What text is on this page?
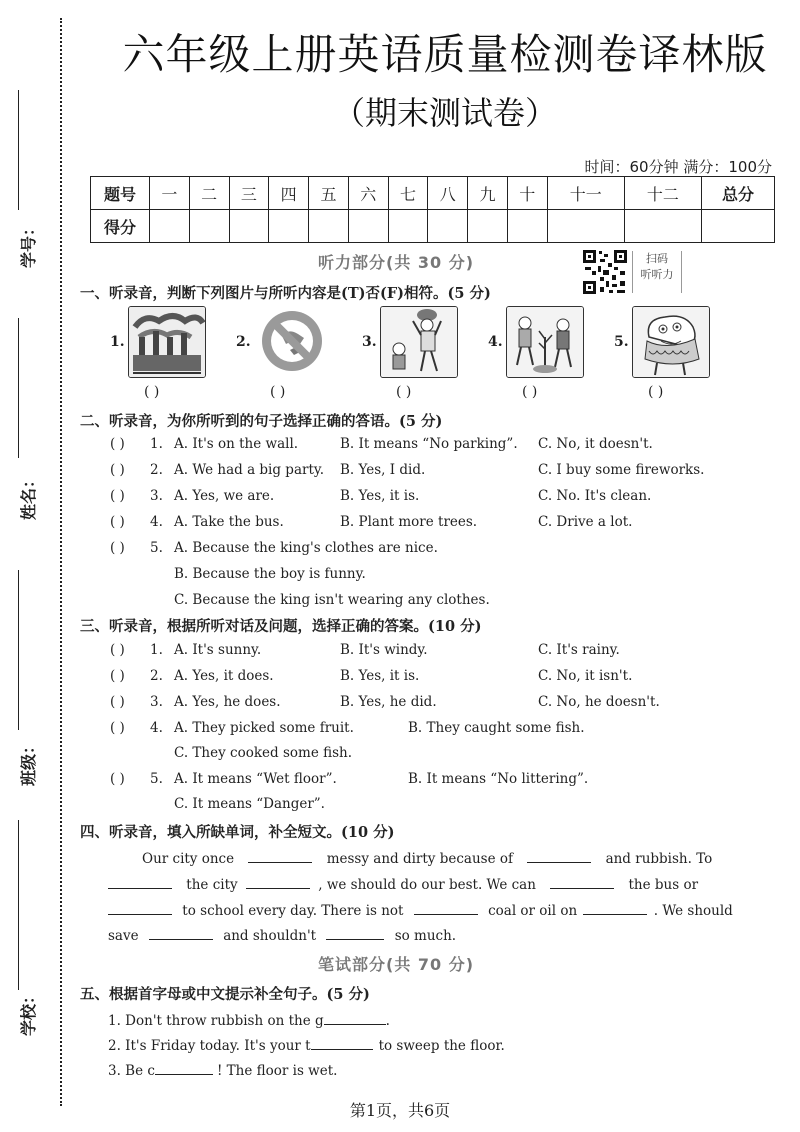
学号：
姓名：
班级：
学校：
六年级上册英语质量检测卷译林版
（期末测试卷）
时间：60分钟 满分：100分
题号	一	二	三	四	五	六	七	八	九	十	十一	十二	总分
得分													
听力部分(共 30 分)	扫码
听听力
一、听录音，判断下列图片与所听内容是(T)否(F)相符。(5 分)
1.
( )
2.
( )
3.
( )
4.
( )
5.
( )
二、听录音，为你所听到的句子选择正确的答语。(5 分)
( ) 1. A. It's on the wall.	B. It means “No parking”. C. No, it doesn't.
( ) 2. A. We had a big party. B. Yes, I did.	C. I buy some fireworks.
( ) 3. A. Yes, we are.	B. Yes, it is.	C. No. It's clean.
( ) 4. A. Take the bus.	B. Plant more trees.	C. Drive a lot.
( ) 5. A. Because the king's clothes are nice.
B. Because the boy is funny.
C. Because the king isn't wearing any clothes.
三、听录音，根据所听对话及问题，选择正确的答案。(10 分)
( ) 1. A. It's sunny.	B. It's windy.	C. It's rainy.
( ) 2. A. Yes, it does.	B. Yes, it is.	C. No, it isn't.
( ) 3. A. Yes, he does.	B. Yes, he did.	C. No, he doesn't.
( ) 4. A. They picked some fruit.	B. They caught some fish.
C. They cooked some fish.
( ) 5. A. It means “Wet floor”.	B. It means “No littering”.
C. It means “Danger”.
四、听录音，填入所缺单词，补全短文。(10 分)
Our city once	messy and dirty because of	and rubbish. To
the city	, we should do our best. We can	the bus or
to school every day. There is not	coal or oil on	. We should
save	and shouldn't	so much.
笔试部分(共 70 分)
五、根据首字母或中文提示补全句子。(5 分)
1. Don't throw rubbish on the g	.
2. It's Friday today. It's your t	to sweep the floor.
3. Be c	! The floor is wet.
第1页，共6页
